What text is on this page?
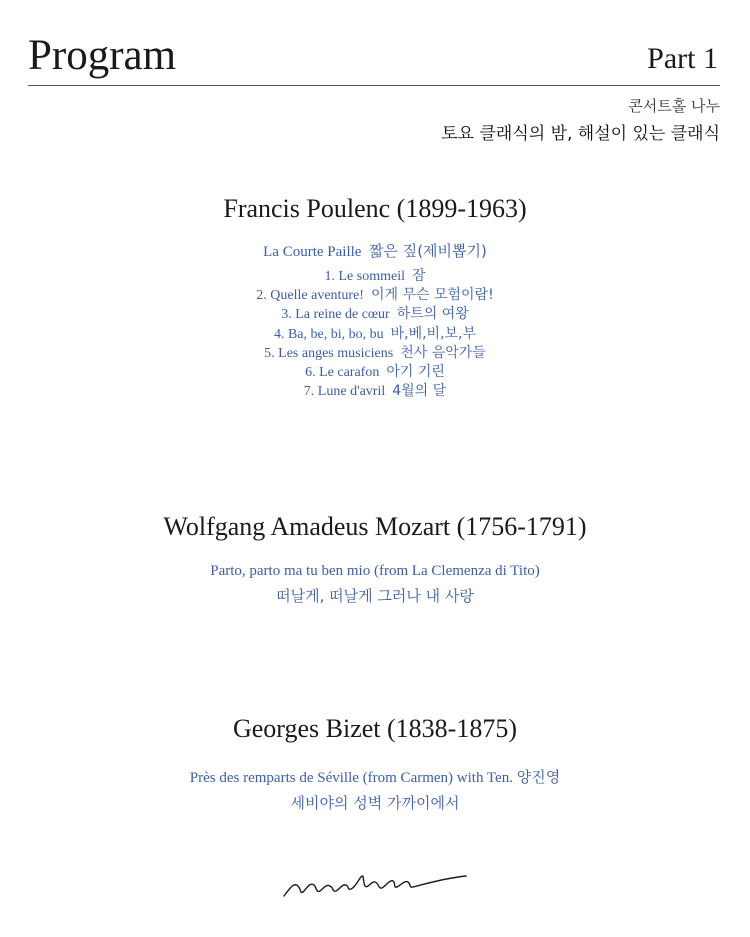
Program	Part 1
콘서트홀 나누
토요 클래식의 밤, 해설이 있는 클래식
Francis Poulenc (1899-1963)
La Courte Paille 짧은 짚(제비뽑기)
1. Le sommeil 잠
2. Quelle aventure! 이게 무슨 모험이람!
3. La reine de cœur 하트의 여왕
4. Ba, be, bi, bo, bu 바,베,비,보,부
5. Les anges musiciens 천사 음악가들
6. Le carafon 아기 기린
7. Lune d'avril 4월의 달
Wolfgang Amadeus Mozart (1756-1791)
Parto, parto ma tu ben mio (from La Clemenza di Tito)
떠날게, 떠날게 그러나 내 사랑
Georges Bizet (1838-1875)
Près des remparts de Séville (from Carmen) with Ten. 양진영
세비야의 성벽 가까이에서
